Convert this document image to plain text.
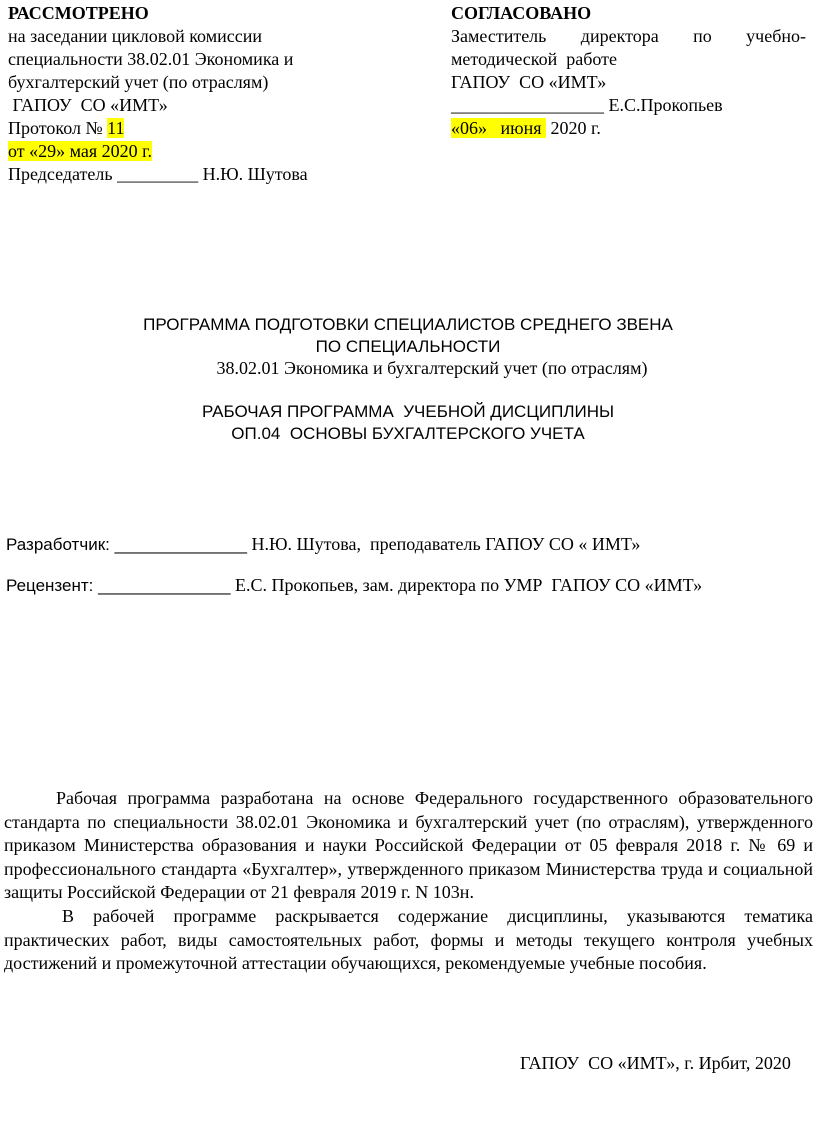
РАССМОТРЕНО
на заседании цикловой комиссии
специальности 38.02.01 Экономика и
бухгалтерский учет (по отраслям)
ГАПОУ  СО «ИМТ»
Протокол № 11
от «29» мая 2020 г.
Председатель _________ Н.Ю. Шутова
СОГЛАСОВАНО
Заместитель директора по учебно-
методической  работе
ГАПОУ  СО «ИМТ»
_________________ Е.С.Прокопьев
«06»   июня  2020 г.
ПРОГРАММА ПОДГОТОВКИ СПЕЦИАЛИСТОВ СРЕДНЕГО ЗВЕНА
ПО СПЕЦИАЛЬНОСТИ
38.02.01 Экономика и бухгалтерский учет (по отраслям)
РАБОЧАЯ ПРОГРАММА  УЧЕБНОЙ ДИСЦИПЛИНЫ
ОП.04  ОСНОВЫ БУХГАЛТЕРСКОГО УЧЕТА
Разработчик: ______________ Н.Ю. Шутова,  преподаватель ГАПОУ СО « ИМТ»
Рецензент: ______________ Е.С. Прокопьев, зам. директора по УМР  ГАПОУ СО «ИМТ»
Рабочая программа разработана на основе Федерального государственного образовательного стандарта по специальности 38.02.01 Экономика и бухгалтерский учет (по отраслям), утвержденного приказом Министерства образования и науки Российской Федерации от 05 февраля 2018 г. № 69 и профессионального стандарта «Бухгалтер», утвержденного приказом Министерства труда и социальной защиты Российской Федерации от 21 февраля 2019 г. N 103н.
В рабочей программе раскрывается содержание дисциплины, указываются тематика практических работ, виды самостоятельных работ, формы и методы текущего контроля учебных достижений и промежуточной аттестации обучающихся, рекомендуемые учебные пособия.
ГАПОУ  СО «ИМТ», г. Ирбит, 2020
